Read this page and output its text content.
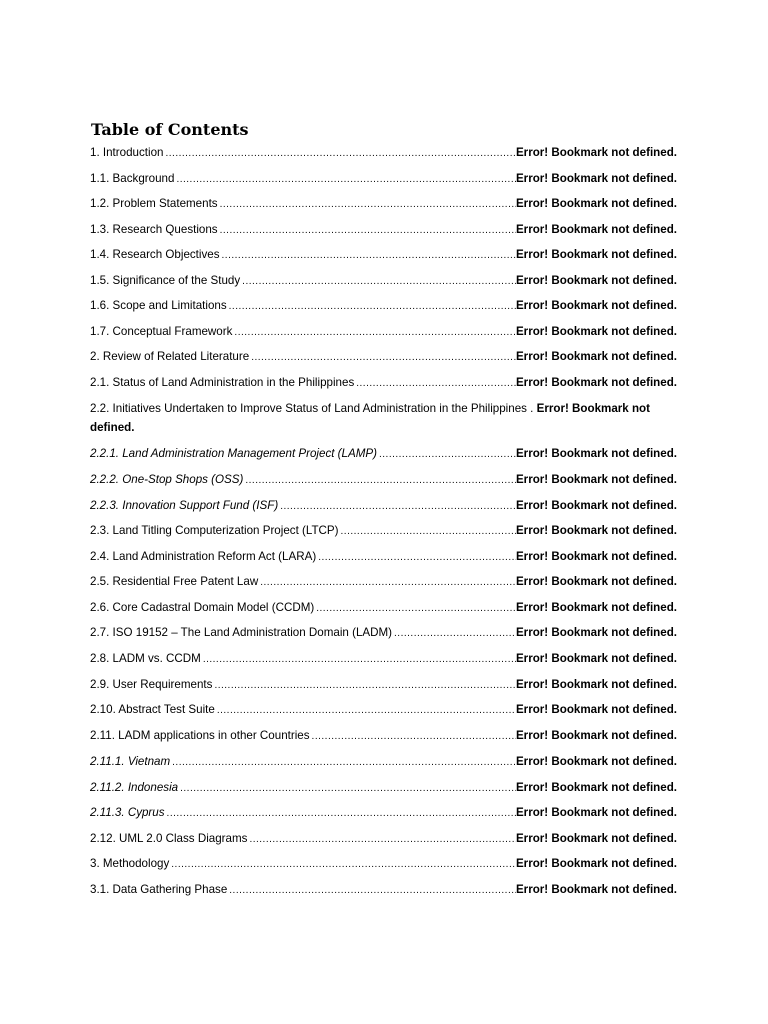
Table of Contents
1. Introduction .....	Error! Bookmark not defined.
1.1. Background .....	Error! Bookmark not defined.
1.2. Problem Statements .....	Error! Bookmark not defined.
1.3. Research Questions .....	Error! Bookmark not defined.
1.4. Research Objectives .....	Error! Bookmark not defined.
1.5. Significance of the Study .....	Error! Bookmark not defined.
1.6. Scope and Limitations .....	Error! Bookmark not defined.
1.7. Conceptual Framework .....	Error! Bookmark not defined.
2. Review of Related Literature .....	Error! Bookmark not defined.
2.1. Status of Land Administration in the Philippines .....	Error! Bookmark not defined.
2.2. Initiatives Undertaken to Improve Status of Land Administration in the Philippines . Error! Bookmark not defined.
2.2.1. Land Administration Management Project (LAMP) .....	Error! Bookmark not defined.
2.2.2. One-Stop Shops (OSS) .....	Error! Bookmark not defined.
2.2.3. Innovation Support Fund (ISF) .....	Error! Bookmark not defined.
2.3. Land Titling Computerization Project (LTCP) .....	Error! Bookmark not defined.
2.4. Land Administration Reform Act (LARA) .....	Error! Bookmark not defined.
2.5. Residential Free Patent Law .....	Error! Bookmark not defined.
2.6. Core Cadastral Domain Model (CCDM) .....	Error! Bookmark not defined.
2.7. ISO 19152 – The Land Administration Domain (LADM) .....	Error! Bookmark not defined.
2.8. LADM vs. CCDM .....	Error! Bookmark not defined.
2.9. User Requirements .....	Error! Bookmark not defined.
2.10. Abstract Test Suite .....	Error! Bookmark not defined.
2.11. LADM applications in other Countries .....	Error! Bookmark not defined.
2.11.1. Vietnam .....	Error! Bookmark not defined.
2.11.2. Indonesia .....	Error! Bookmark not defined.
2.11.3. Cyprus .....	Error! Bookmark not defined.
2.12. UML 2.0 Class Diagrams .....	Error! Bookmark not defined.
3. Methodology .....	Error! Bookmark not defined.
3.1. Data Gathering Phase .....	Error! Bookmark not defined.
